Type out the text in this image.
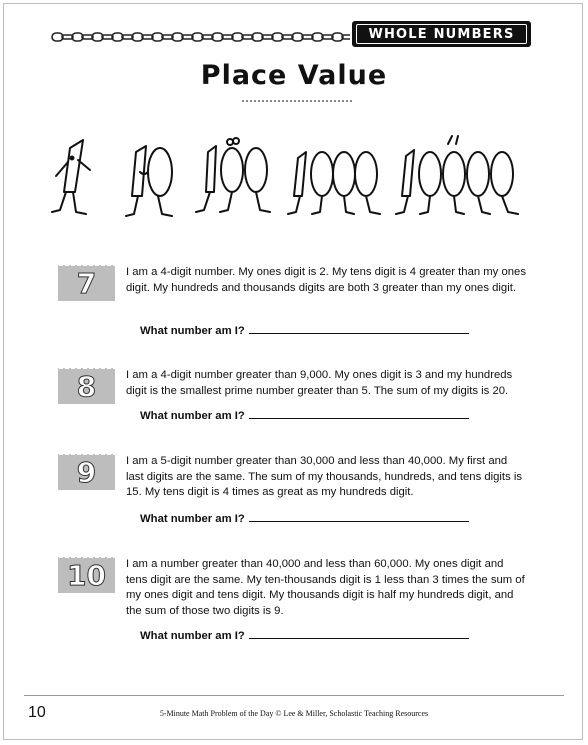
WHOLE NUMBERS
Place Value
7	I am a 4-digit number. My ones digit is 2. My tens digit is 4 greater than my ones digit. My hundreds and thousands digits are both 3 greater than my ones digit.
What number am I?
8	I am a 4-digit number greater than 9,000. My ones digit is 3 and my hundreds digit is the smallest prime number greater than 5. The sum of my digits is 20.
What number am I?
9	I am a 5-digit number greater than 30,000 and less than 40,000. My first and last digits are the same. The sum of my thousands, hundreds, and tens digits is 15. My tens digit is 4 times as great as my hundreds digit.
What number am I?
10	I am a number greater than 40,000 and less than 60,000. My ones digit and tens digit are the same. My ten-thousands digit is 1 less than 3 times the sum of my ones digit and tens digit. My thousands digit is half my hundreds digit, and the sum of those two digits is 9.
What number am I?
10	5-Minute Math Problem of the Day © Lee & Miller, Scholastic Teaching Resources
